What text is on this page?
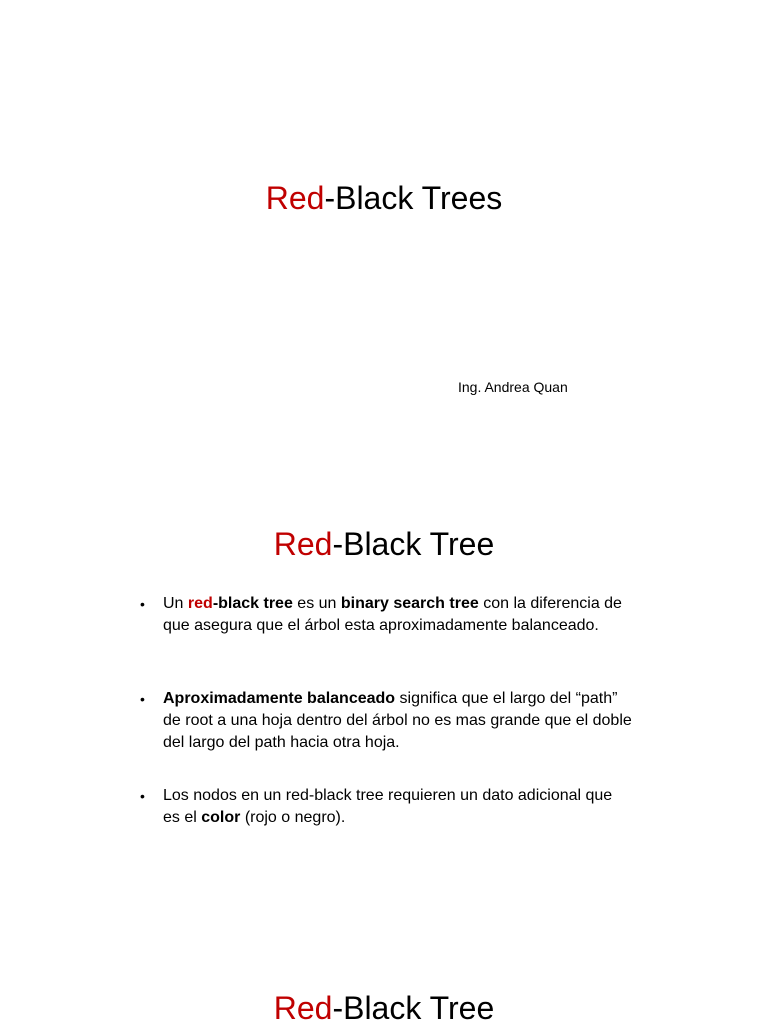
Red-Black Trees

Ing. Andrea Quan

Red-Black Tree
•	Un red-black tree es un binary search tree con la diferencia de que asegura que el árbol esta aproximadamente balanceado.
•	Aproximadamente balanceado significa que el largo del “path” de root a una hoja dentro del árbol no es mas grande que el doble del largo del path hacia otra hoja.
•	Los nodos en un red-black tree requieren un dato adicional que es el color (rojo o negro).
Red-Black Tree
